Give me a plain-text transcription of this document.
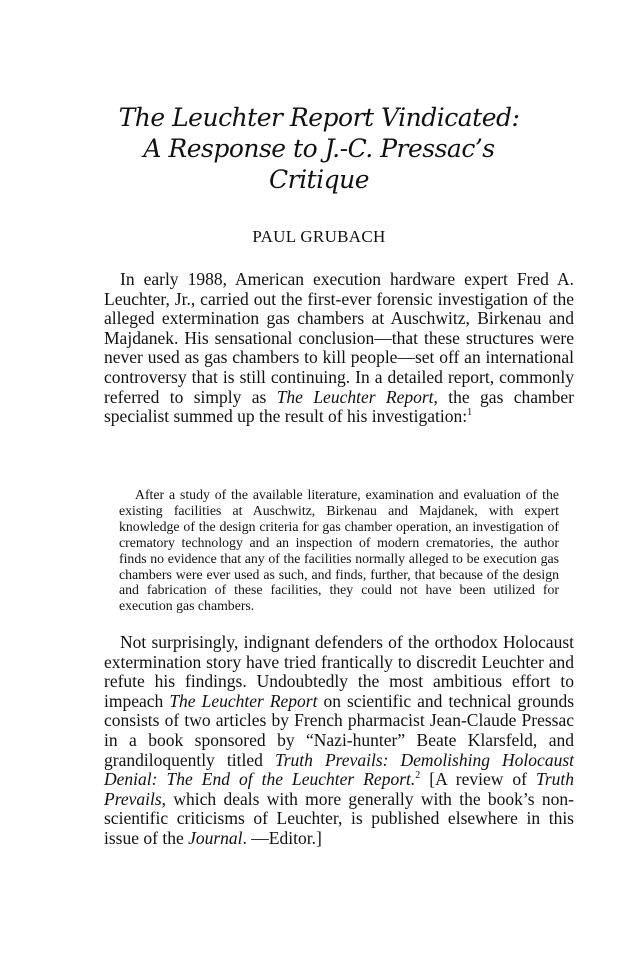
The Leuchter Report Vindicated:
A Response to J.-C. Pressac’s
Critique
PAUL GRUBACH

In early 1988, American execution hardware expert Fred A. Leuchter, Jr., carried out the first-ever forensic investigation of the alleged extermination gas chambers at Auschwitz, Birkenau and Majdanek. His sensational conclusion—that these structures were never used as gas chambers to kill people—set off an international controversy that is still continuing. In a detailed report, commonly referred to simply as The Leuchter Report, the gas chamber specialist summed up the result of his investigation:$^1$

After a study of the available literature, examination and evaluation of the existing facilities at Auschwitz, Birkenau and Majdanek, with expert knowledge of the design criteria for gas chamber operation, an investigation of crematory technology and an inspection of modern crematories, the author finds no evidence that any of the facilities normally alleged to be execution gas chambers were ever used as such, and finds, further, that because of the design and fabrication of these facilities, they could not have been utilized for execution gas chambers.

Not surprisingly, indignant defenders of the orthodox Holocaust extermination story have tried frantically to discredit Leuchter and refute his findings. Undoubtedly the most ambitious effort to impeach The Leuchter Report on scientific and technical grounds consists of two articles by French pharmacist Jean-Claude Pressac in a book sponsored by “Nazi-hunter” Beate Klarsfeld, and grandiloquently titled Truth Prevails: Demolishing Holocaust Denial: The End of the Leuchter Report.$^2$ [A review of Truth Prevails, which deals with more generally with the book’s non-scientific criticisms of Leuchter, is published elsewhere in this issue of the Journal. —Editor.]
